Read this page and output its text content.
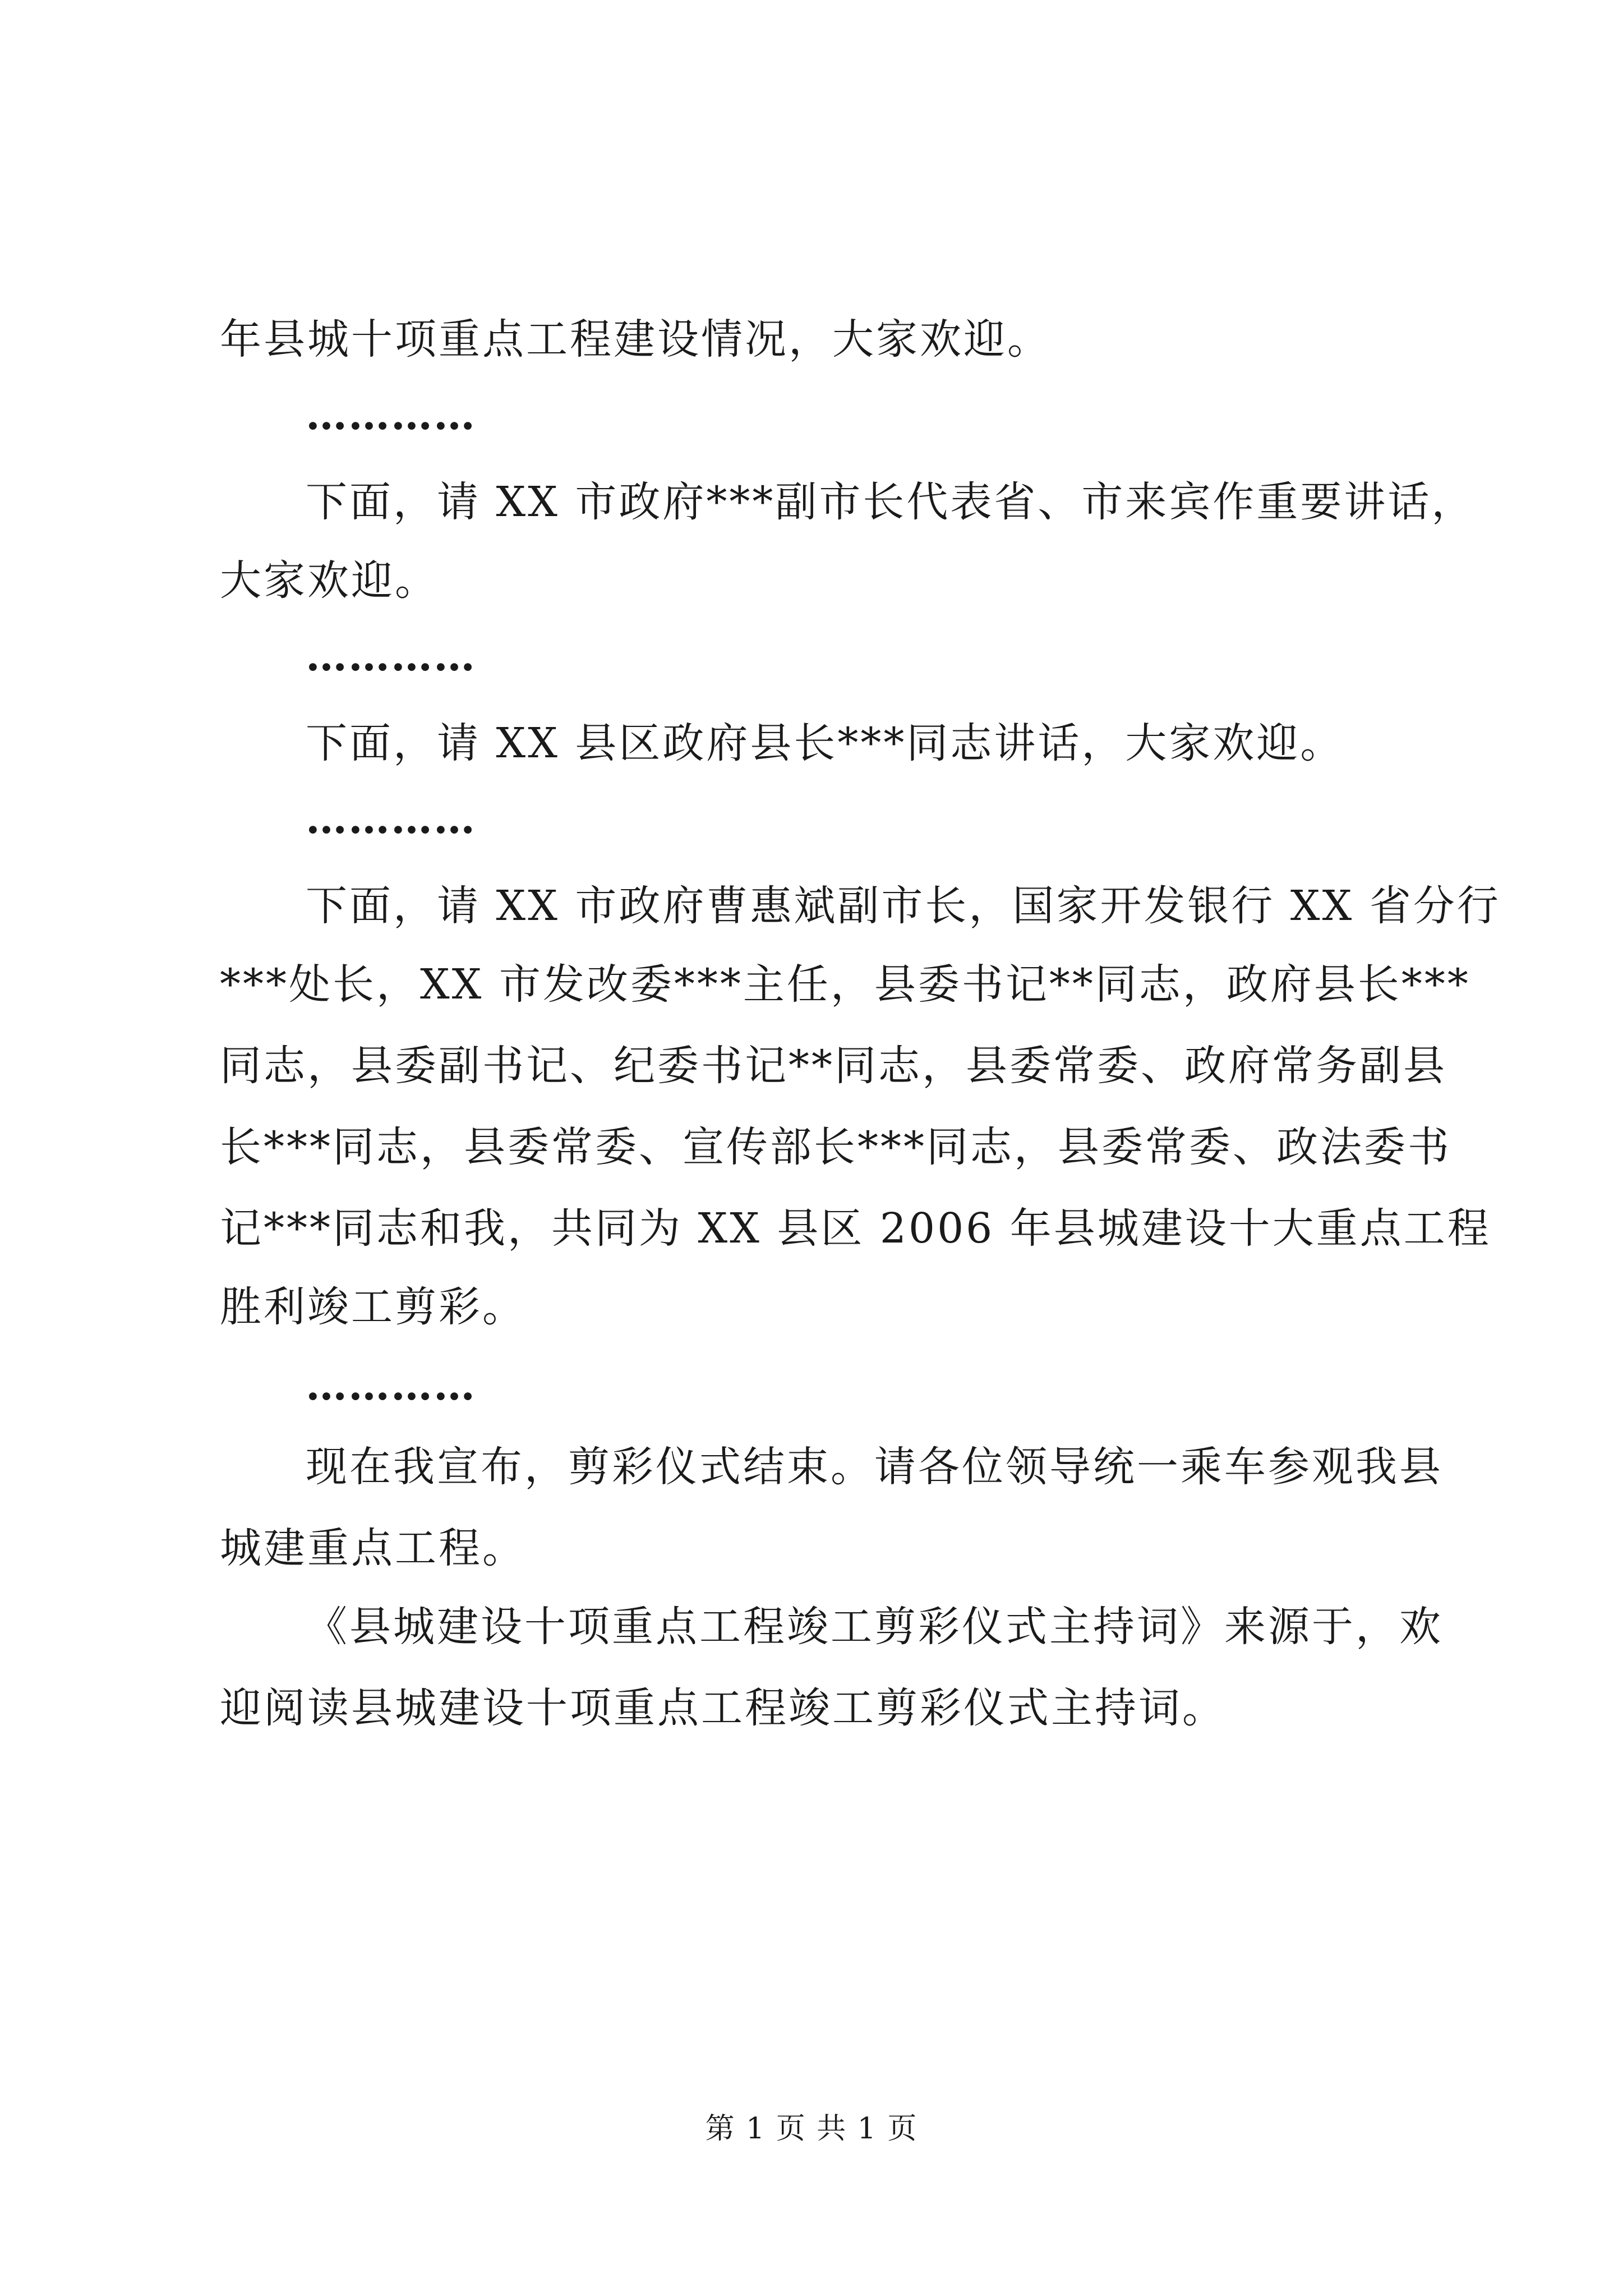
年县城十项重点工程建设情况，大家欢迎。
…………
下面，请 XX 市政府***副市长代表省、市来宾作重要讲话，
大家欢迎。
…………
下面，请 XX 县区政府县长***同志讲话，大家欢迎。
…………
下面，请 XX 市政府曹惠斌副市长，国家开发银行 XX 省分行
***处长，XX 市发改委***主任，县委书记**同志，政府县长***
同志，县委副书记、纪委书记**同志，县委常委、政府常务副县
长***同志，县委常委、宣传部长***同志，县委常委、政法委书
记***同志和我，共同为 XX 县区 2006 年县城建设十大重点工程
胜利竣工剪彩。
…………
现在我宣布，剪彩仪式结束。请各位领导统一乘车参观我县
城建重点工程。
《县城建设十项重点工程竣工剪彩仪式主持词》来源于，欢
迎阅读县城建设十项重点工程竣工剪彩仪式主持词。
第 1 页 共 1 页
